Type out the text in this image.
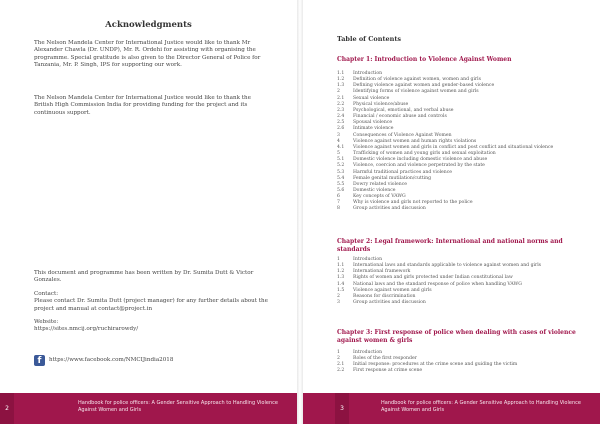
Acknowledgments

The Nelson Mandela Center for International Justice would like to thank Mr Alexander Chawla (Dr. UNDP), Mr. R. Ordehi for assisting with organising the programme. Special gratitude is also given to the Director General of Police for Tanzania, Mr. P. Singh, IPS for supporting our work.

The Nelson Mandela Center for International Justice would like to thank the British High Commission India for providing funding for the project and its continuous support.

This document and programme has been written by Dr. Sumita Dutt & Victor Gonzales.

Contact:
Please contact Dr. Sumita Dutt (project manager) for any further details about the project and manual at contact@project.in

Website:
https://sites.nmcij.org/ruchirarowdy/

f	https://www.facebook.com/NMCIJindia2018
2
Handbook for police officers: A Gender Sensitive Approach to Handling Violence Against Women and Girls
Table of Contents
Chapter 1: Introduction to Violence Against Women
1.1	Introduction
1.2	Definition of violence against women, women and girls
1.3	Defining violence against women and gender-based violence
2	Identifying forms of violence against women and girls
2.1	Sexual violence
2.2	Physical violence/abuse
2.3	Psychological, emotional, and verbal abuse
2.4	Financial / economic abuse and controls
2.5	Spousal violence
2.6	Intimate violence
3	Consequences of Violence Against Women
4	Violence against women and human rights violations
4.1	Violence against women and girls in conflict and post conflict and situational violence
5	Trafficking of women and young girls and sexual exploitation
5.1	Domestic violence including domestic violence and abuse
5.2	Violence, coercion and violence perpetrated by the state
5.3	Harmful traditional practices and violence
5.4	Female genital mutilation/cutting
5.5	Dowry related violence
5.6	Domestic violence
6	Key concepts of VAWG
7	Why is violence and girls not reported to the police
8	Group activities and discussion
Chapter 2: Legal framework: International and national norms and standards
1	Introduction
1.1	International laws and standards applicable to violence against women and girls
1.2	International framework
1.3	Rights of women and girls protected under Indian constitutional law
1.4	National laws and the standard response of police when handling VAWG
1.5	Violence against women and girls
2	Reasons for discrimination
3	Group activities and discussion
Chapter 3: First response of police when dealing with cases of violence against women & girls
1	Introduction
2	Roles of the first responder
2.1	Initial response: procedures at the crime scene and guiding the victim
2.2	First response at crime scene
3
Handbook for police officers: A Gender Sensitive Approach to Handling Violence Against Women and Girls
